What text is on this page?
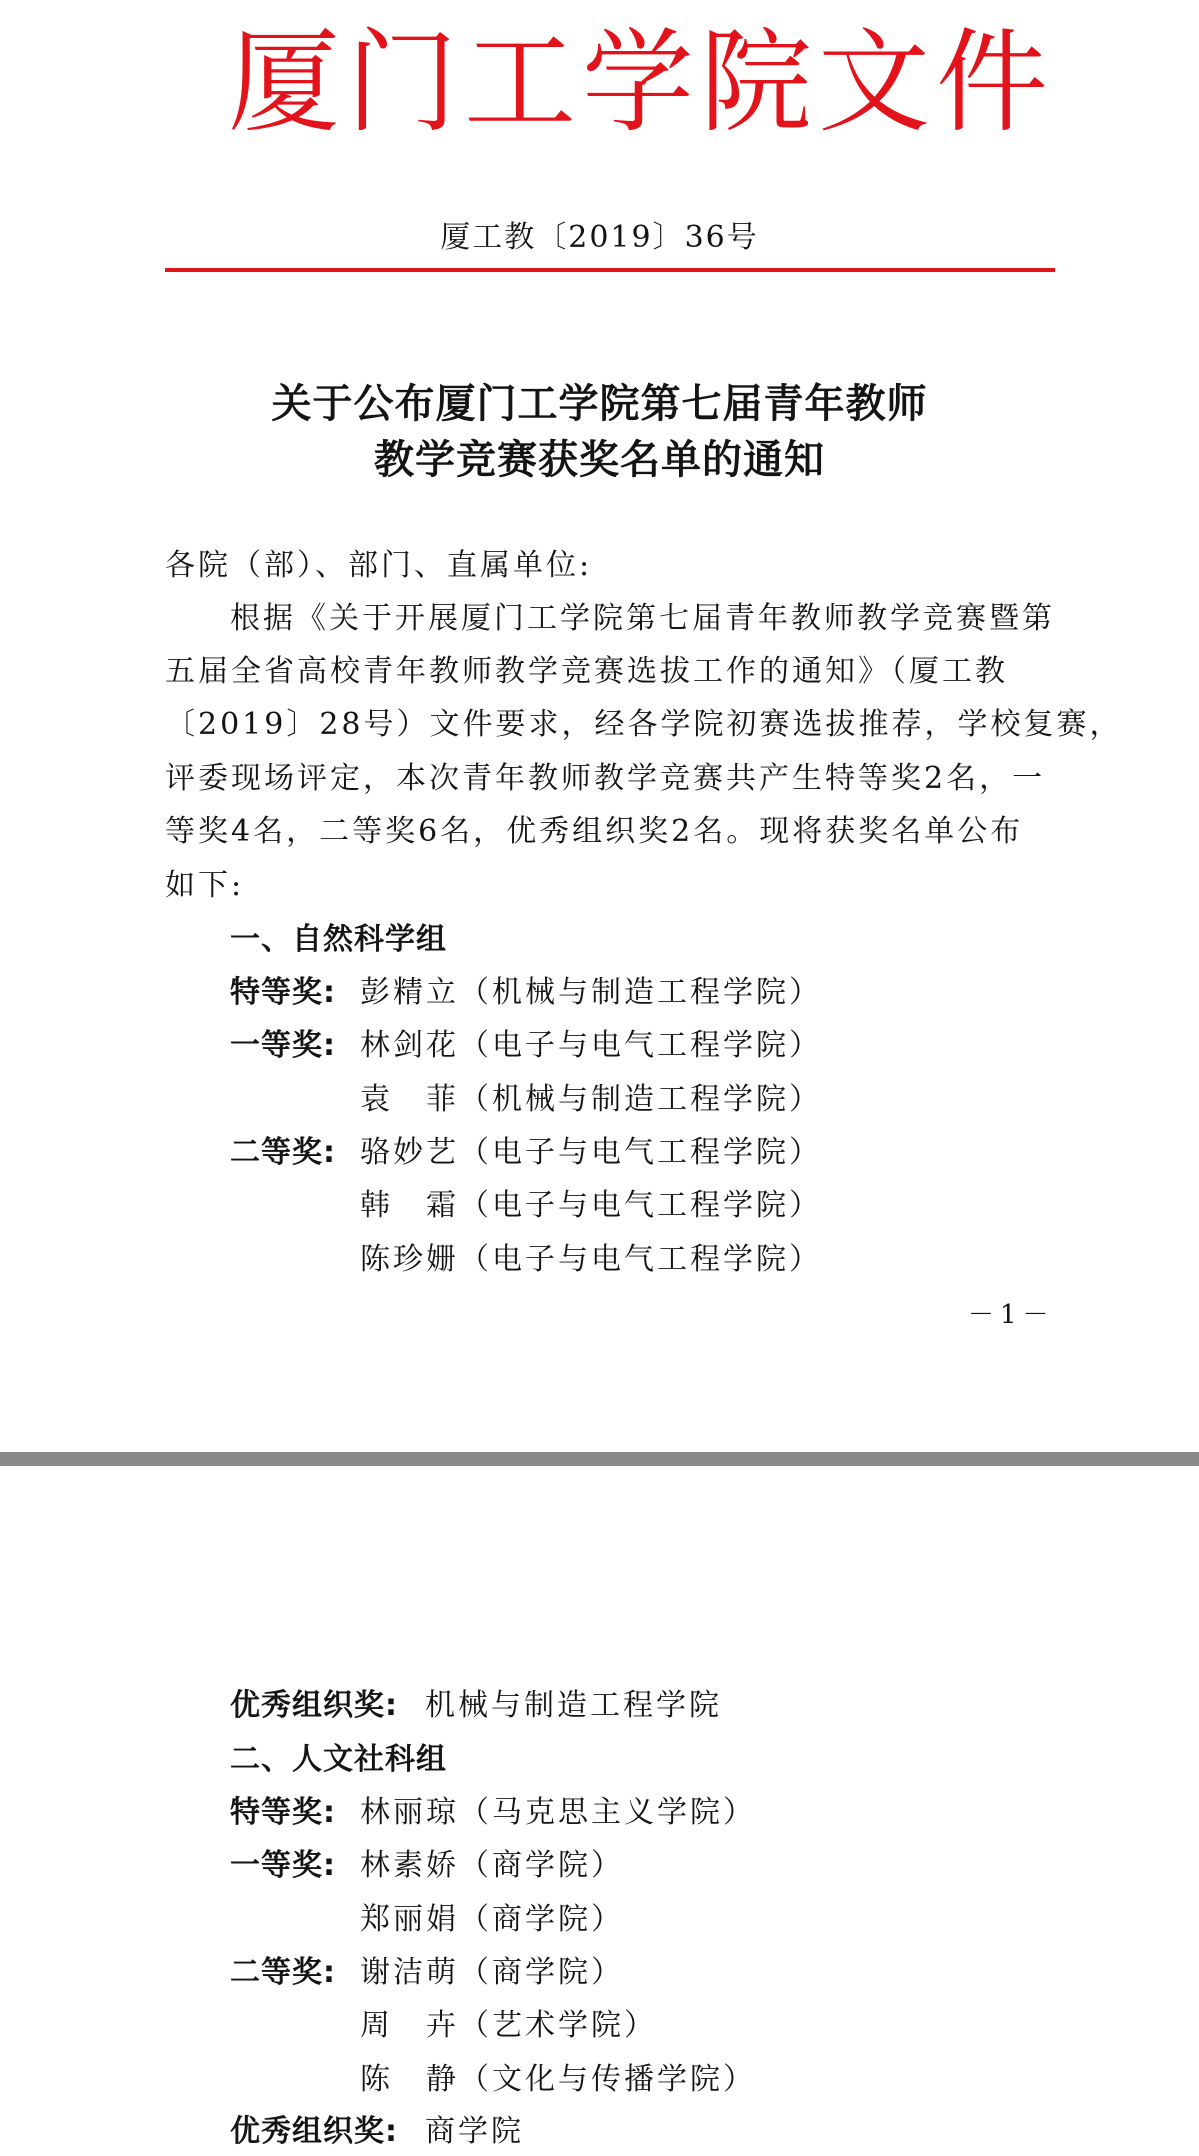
厦门工学院文件
厦工教〔2019〕36号
关于公布厦门工学院第七届青年教师
教学竞赛获奖名单的通知
各院（部）、部门、直属单位:
根据《关于开展厦门工学院第七届青年教师教学竞赛暨第
五届全省高校青年教师教学竞赛选拔工作的通知》（厦工教
〔2019〕28号）文件要求，经各学院初赛选拔推荐，学校复赛，
评委现场评定，本次青年教师教学竞赛共产生特等奖2名，一
等奖4名，二等奖6名，优秀组织奖2名。现将获奖名单公布
如下:
一、自然科学组
特等奖: 彭精立（机械与制造工程学院）
一等奖: 林剑花（电子与电气工程学院）
袁　菲（机械与制造工程学院）
二等奖: 骆妙艺（电子与电气工程学院）
韩　霜（电子与电气工程学院）
陈珍姗（电子与电气工程学院）
－1－
优秀组织奖: 机械与制造工程学院
二、人文社科组
特等奖: 林丽琼（马克思主义学院）
一等奖: 林素娇（商学院）
郑丽娟（商学院）
二等奖: 谢洁萌（商学院）
周　卉（艺术学院）
陈　静（文化与传播学院）
优秀组织奖: 商学院
